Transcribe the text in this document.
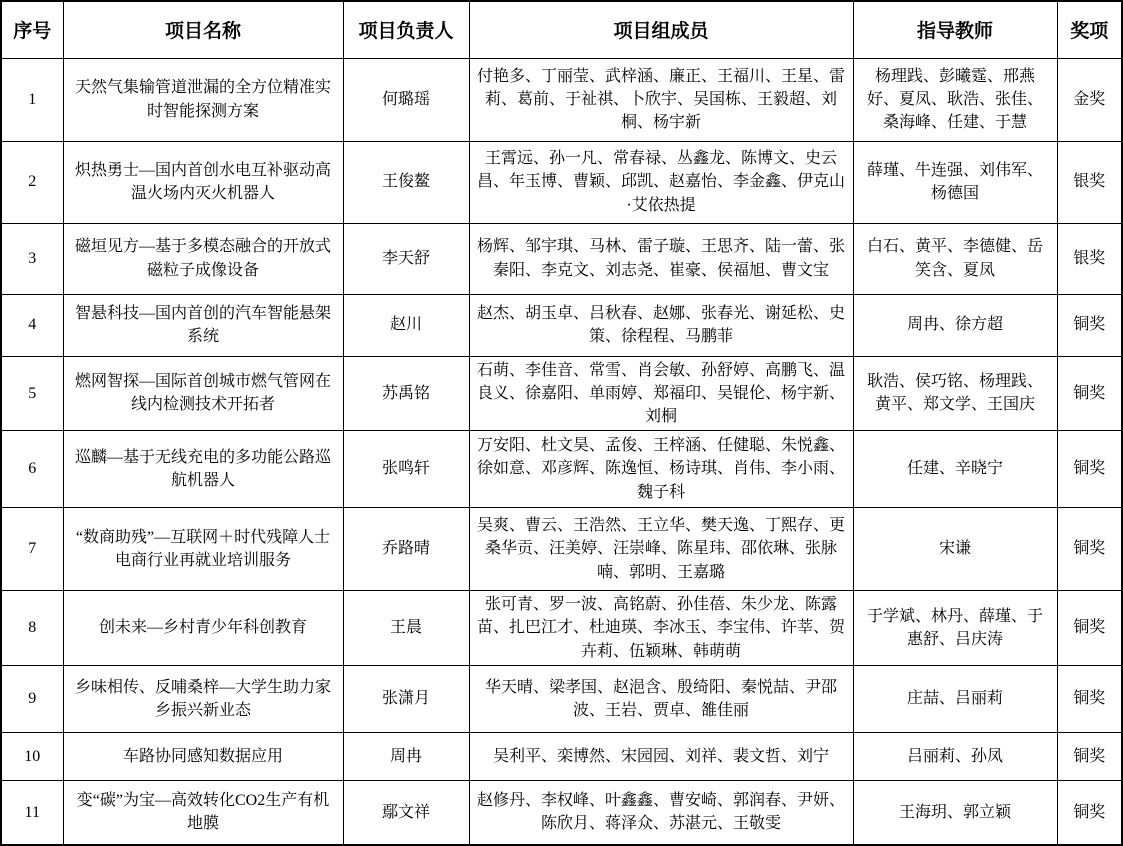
序号	项目名称	项目负责人	项目组成员	指导教师	奖项
1	天然气集输管道泄漏的全方位精准实时智能探测方案	何璐瑶	付艳多、丁丽莹、武梓涵、廉正、王福川、王星、雷莉、葛前、于祉祺、卜欣宇、吴国栋、王毅超、刘桐、杨宇新	杨理践、彭曦霆、邢燕好、夏凤、耿浩、张佳、桑海峰、任建、于慧	金奖
2	炽热勇士—国内首创水电互补驱动高温火场内灭火机器人	王俊鳌	王霄远、孙一凡、常春禄、丛鑫龙、陈博文、史云昌、年玉博、曹颖、邱凯、赵嘉怡、李金鑫、伊克山·艾依热提	薛瑾、牛连强、刘伟军、杨德国	银奖
3	磁垣见方—基于多模态融合的开放式磁粒子成像设备	李天舒	杨辉、邹宇琪、马林、雷子璇、王思齐、陆一蕾、张秦阳、李克文、刘志尧、崔豪、侯福旭、曹文宝	白石、黄平、李德健、岳笑含、夏凤	银奖
4	智悬科技—国内首创的汽车智能悬架系统	赵川	赵杰、胡玉卓、吕秋春、赵娜、张春光、谢延松、史策、徐程程、马鹏菲	周冉、徐方超	铜奖
5	燃网智探—国际首创城市燃气管网在线内检测技术开拓者	苏禹铭	石萌、李佳音、常雪、肖会敏、孙舒婷、高鹏飞、温良义、徐嘉阳、单雨婷、郑福印、吴锟伦、杨宇新、刘桐	耿浩、侯巧铭、杨理践、黄平、郑文学、王国庆	铜奖
6	巡麟—基于无线充电的多功能公路巡航机器人	张鸣轩	万安阳、杜文昊、孟俊、王梓涵、任健聪、朱悦鑫、徐如意、邓彦辉、陈逸恒、杨诗琪、肖伟、李小雨、魏子科	任建、辛晓宁	铜奖
7	“数商助残”—互联网＋时代残障人士电商行业再就业培训服务	乔路晴	吴爽、曹云、王浩然、王立华、樊天逸、丁熙存、更桑华贡、汪美婷、汪崇峰、陈星玮、邵依琳、张脉喃、郭明、王嘉璐	宋谦	铜奖
8	创未来—乡村青少年科创教育	王晨	张可青、罗一波、高铭蔚、孙佳蓓、朱少龙、陈露苗、扎巴江才、杜迪瑛、李冰玉、李宝伟、许莘、贺卉莉、伍颖琳、韩萌萌	于学斌、林丹、薛瑾、于惠舒、吕庆涛	铜奖
9	乡味相传、反哺桑梓—大学生助力家乡振兴新业态	张潇月	华天晴、梁孝国、赵浥含、殷绮阳、秦悦喆、尹邵波、王岩、贾卓、雒佳丽	庄喆、吕丽莉	铜奖
10	车路协同感知数据应用	周冉	吴利平、栾博然、宋园园、刘祥、裴文哲、刘宁	吕丽莉、孙凤	铜奖
11	变“碳”为宝—高效转化CO2生产有机地膜	鄢文祥	赵修丹、李权峰、叶鑫鑫、曹安崎、郭润春、尹妍、陈欣月、蒋泽众、苏湛元、王敬雯	王海玥、郭立颖	铜奖
